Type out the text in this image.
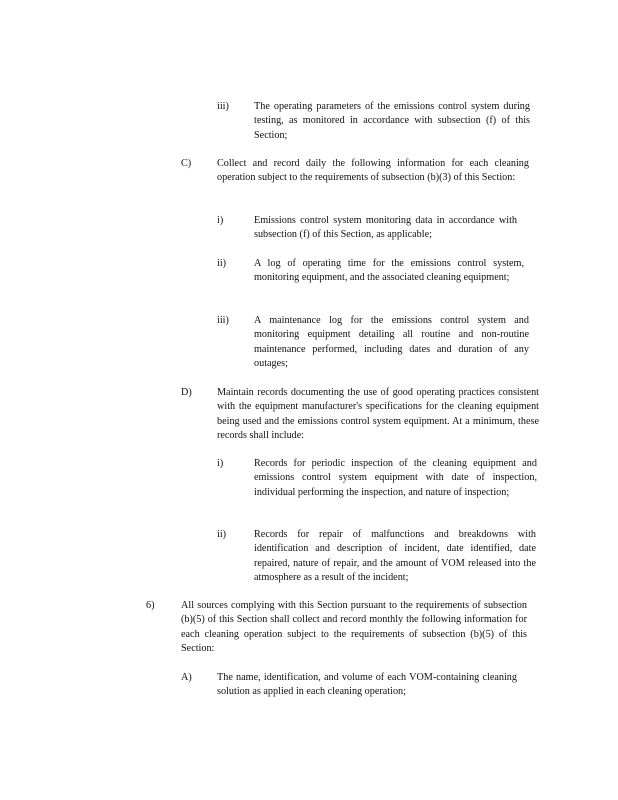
iii) The operating parameters of the emissions control system during testing, as monitored in accordance with subsection (f) of this Section;
C)	Collect and record daily the following information for each cleaning operation subject to the requirements of subsection (b)(3) of this Section:
i)	Emissions control system monitoring data in accordance with subsection (f) of this Section, as applicable;
ii)	A log of operating time for the emissions control system, monitoring equipment, and the associated cleaning equipment;
iii) A maintenance log for the emissions control system and monitoring equipment detailing all routine and non-routine maintenance performed, including dates and duration of any outages;
D) Maintain records documenting the use of good operating practices consistent with the equipment manufacturer's specifications for the cleaning equipment being used and the emissions control system equipment. At a minimum, these records shall include:
i)	Records for periodic inspection of the cleaning equipment and emissions control system equipment with date of inspection, individual performing the inspection, and nature of inspection;
ii)	Records for repair of malfunctions and breakdowns with identification and description of incident, date identified, date repaired, nature of repair, and the amount of VOM released into the atmosphere as a result of the incident;
6)	All sources complying with this Section pursuant to the requirements of subsection (b)(5) of this Section shall collect and record monthly the following information for each cleaning operation subject to the requirements of subsection (b)(5) of this Section:
A) The name, identification, and volume of each VOM-containing cleaning solution as applied in each cleaning operation;
